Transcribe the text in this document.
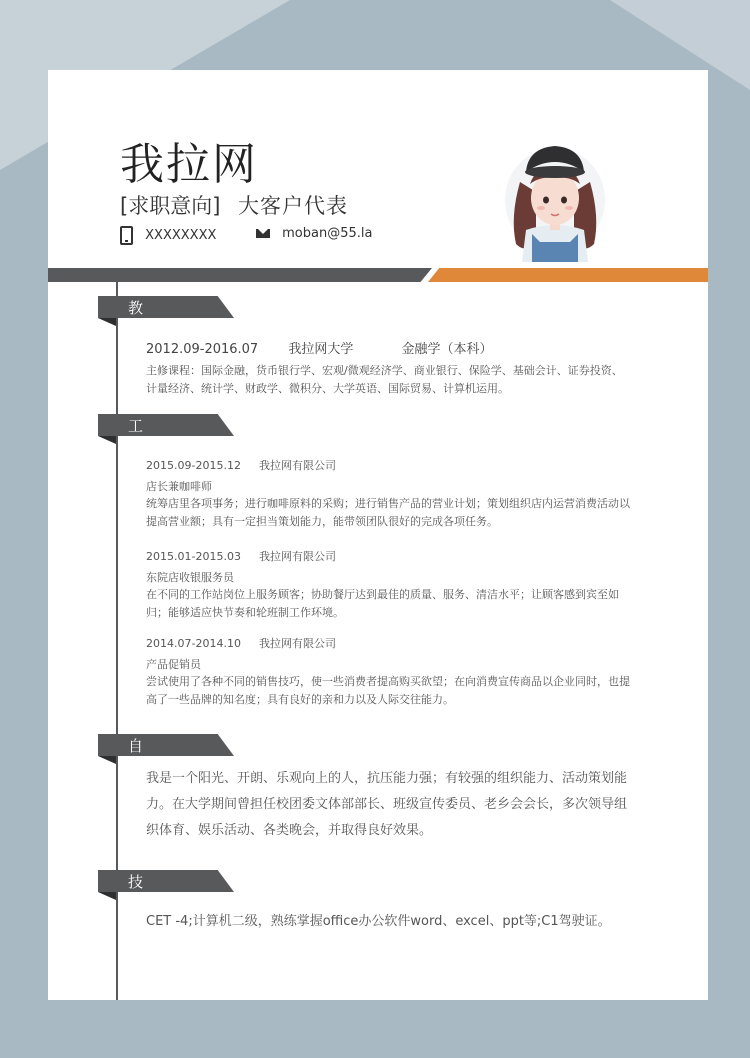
我拉网
[求职意向] 大客户代表
XXXXXXXX	moban@55.la
教育背景
2012.09-2016.07 我拉网大学	金融学（本科）
主修课程：国际金融，货币银行学、宏观/微观经济学、商业银行、保险学、基础会计、证券投资、计量经济、统计学、财政学、微积分、大学英语、国际贸易、计算机运用。
工作经历
2015.09-2015.12 我拉网有限公司
店长兼咖啡师
统筹店里各项事务；进行咖啡原料的采购；进行销售产品的营业计划；策划组织店内运营消费活动以提高营业额；具有一定担当策划能力，能带领团队很好的完成各项任务。
2015.01-2015.03 我拉网有限公司
东院店收银服务员
在不同的工作站岗位上服务顾客；协助餐厅达到最佳的质量、服务、清洁水平；让顾客感到宾至如归；能够适应快节奏和轮班制工作环境。
2014.07-2014.10 我拉网有限公司
产品促销员
尝试使用了各种不同的销售技巧，使一些消费者提高购买欲望；在向消费宣传商品以企业同时，也提高了一些品牌的知名度；具有良好的亲和力以及人际交往能力。
自我评价
我是一个阳光、开朗、乐观向上的人，抗压能力强；有较强的组织能力、活动策划能力。在大学期间曾担任校团委文体部部长、班级宣传委员、老乡会会长，多次领导组织体育、娱乐活动、各类晚会，并取得良好效果。
技能证书
CET -4;计算机二级，熟练掌握office办公软件word、excel、ppt等;C1驾驶证。
